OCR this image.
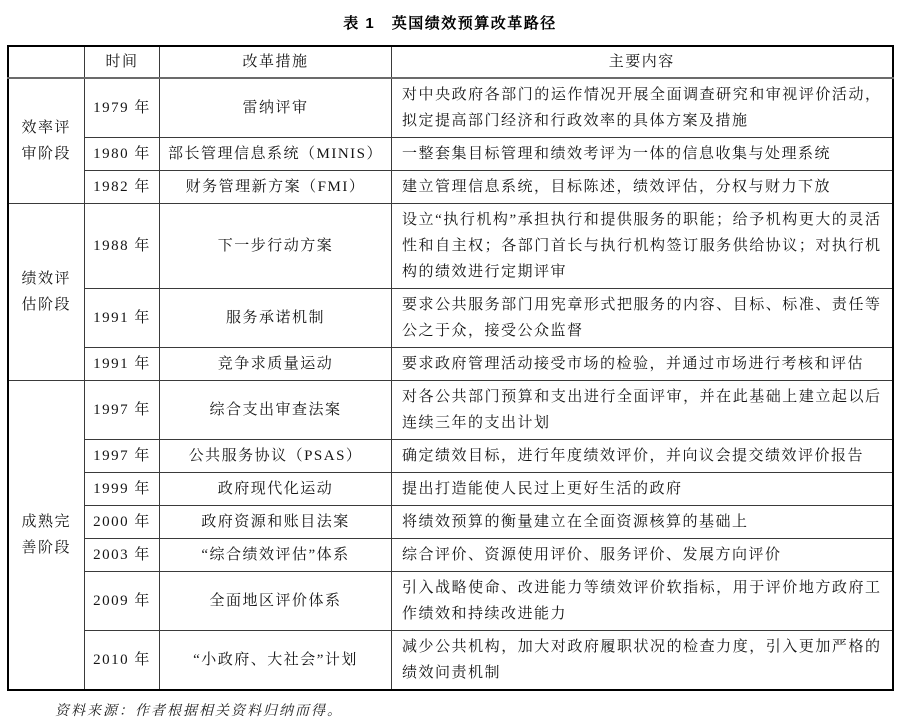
表 1　英国绩效预算改革路径
	时间	改革措施	主要内容
效率评审阶段	1979 年	雷纳评审	对中央政府各部门的运作情况开展全面调查研究和审视评价活动，拟定提高部门经济和行政效率的具体方案及措施
	1980 年	部长管理信息系统（MINIS）	一整套集目标管理和绩效考评为一体的信息收集与处理系统
	1982 年	财务管理新方案（FMI）	建立管理信息系统，目标陈述，绩效评估，分权与财力下放
绩效评估阶段	1988 年	下一步行动方案	设立“执行机构”承担执行和提供服务的职能；给予机构更大的灵活性和自主权；各部门首长与执行机构签订服务供给协议；对执行机构的绩效进行定期评审
	1991 年	服务承诺机制	要求公共服务部门用宪章形式把服务的内容、目标、标准、责任等公之于众，接受公众监督
	1991 年	竞争求质量运动	要求政府管理活动接受市场的检验，并通过市场进行考核和评估
成熟完善阶段	1997 年	综合支出审查法案	对各公共部门预算和支出进行全面评审，并在此基础上建立起以后连续三年的支出计划
	1997 年	公共服务协议（PSAS）	确定绩效目标，进行年度绩效评价，并向议会提交绩效评价报告
	1999 年	政府现代化运动	提出打造能使人民过上更好生活的政府
	2000 年	政府资源和账目法案	将绩效预算的衡量建立在全面资源核算的基础上
	2003 年	“综合绩效评估”体系	综合评价、资源使用评价、服务评价、发展方向评价
	2009 年	全面地区评价体系	引入战略使命、改进能力等绩效评价软指标，用于评价地方政府工作绩效和持续改进能力
	2010 年	“小政府、大社会”计划	减少公共机构，加大对政府履职状况的检查力度，引入更加严格的绩效问责机制
资料来源：作者根据相关资料归纳而得。
